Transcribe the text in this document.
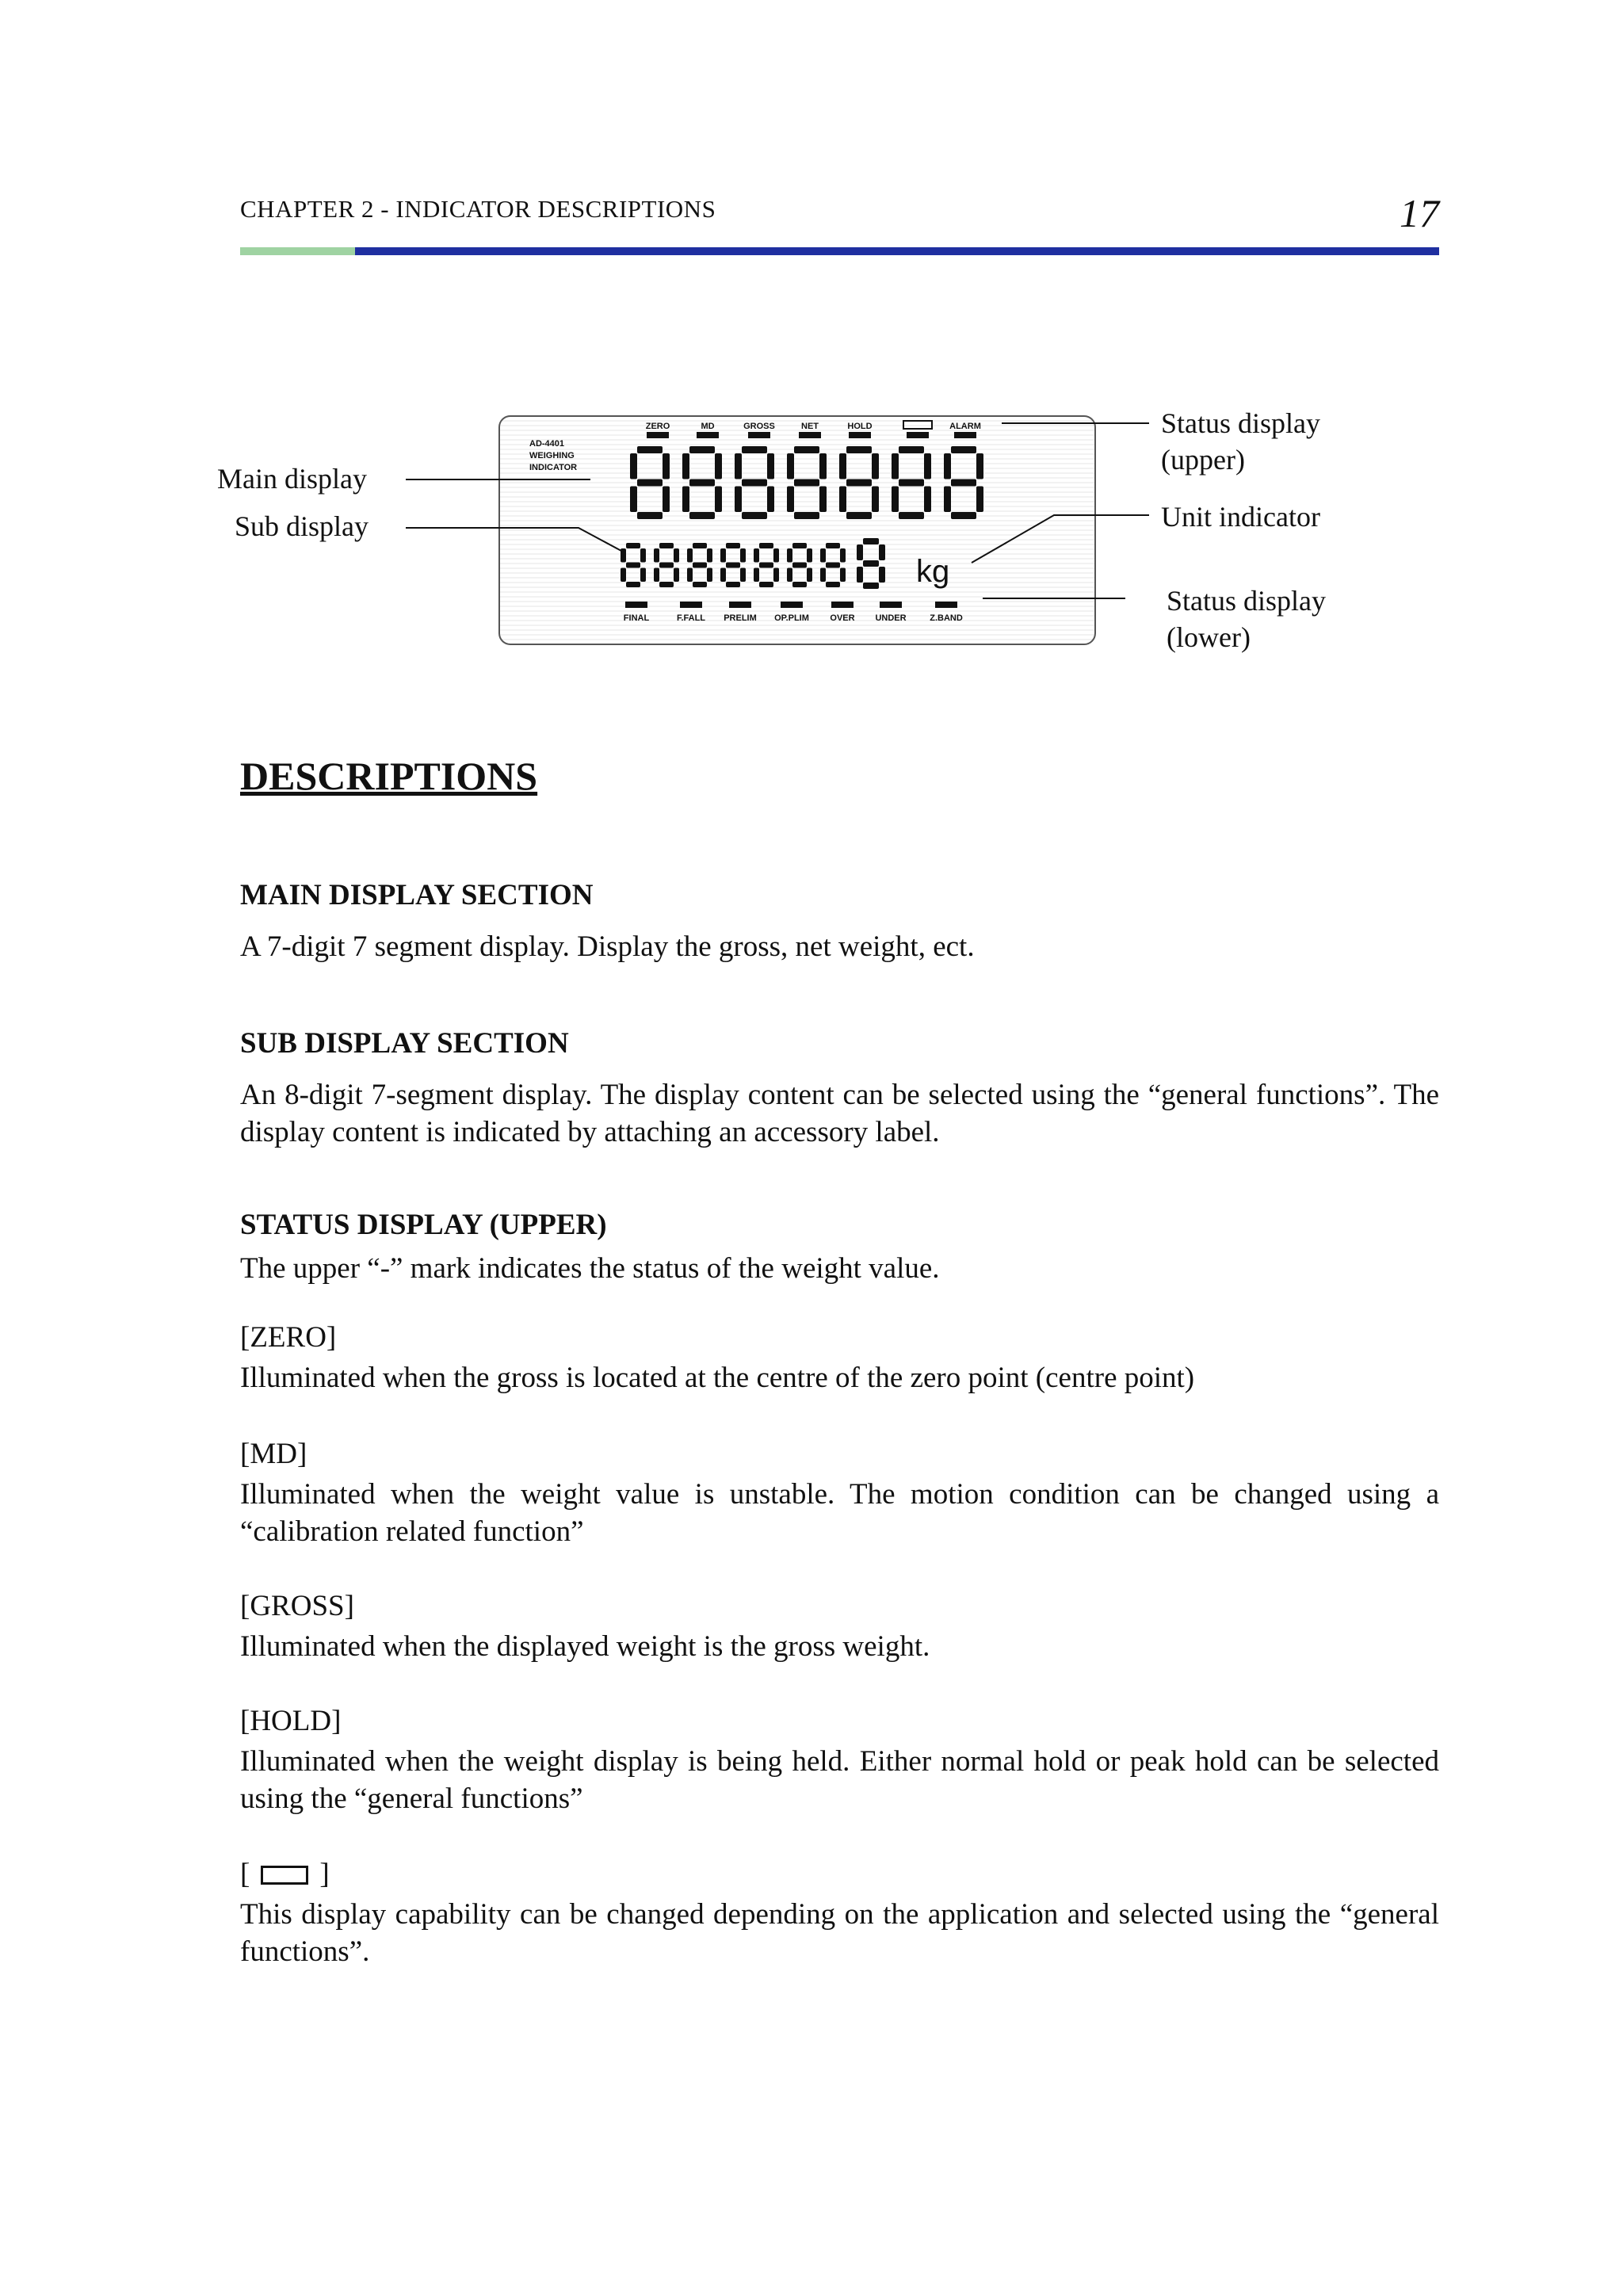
CHAPTER 2 - INDICATOR DESCRIPTIONS	17
AD-4401
WEIGHING
INDICATOR
ZERO	MD	GROSS	NET	HOLD	ALARM
FINAL	F.FALL PRELIM OP.PLIM OVER UNDER	Z.BAND
kg
Main display
Sub display
Status display
(upper)
Unit indicator
Status display
(lower)
DESCRIPTIONS

MAIN DISPLAY SECTION

A 7-digit 7 segment display. Display the gross, net weight, ect.

SUB DISPLAY SECTION

An 8-digit 7-segment display. The display content can be selected using the “general functions”. The display content is indicated by attaching an accessory label.

STATUS DISPLAY (UPPER)

The upper “-” mark indicates the status of the weight value.

[ZERO]

Illuminated when the gross is located at the centre of the zero point (centre point)

[MD]

Illuminated when the weight value is unstable. The motion condition can be changed using a “calibration related function”

[GROSS]

Illuminated when the displayed weight is the gross weight.

[HOLD]

Illuminated when the weight display is being held. Either normal hold or peak hold can be selected using the “general functions”

[ ]

This display capability can be changed depending on the application and selected using the “general functions”.
